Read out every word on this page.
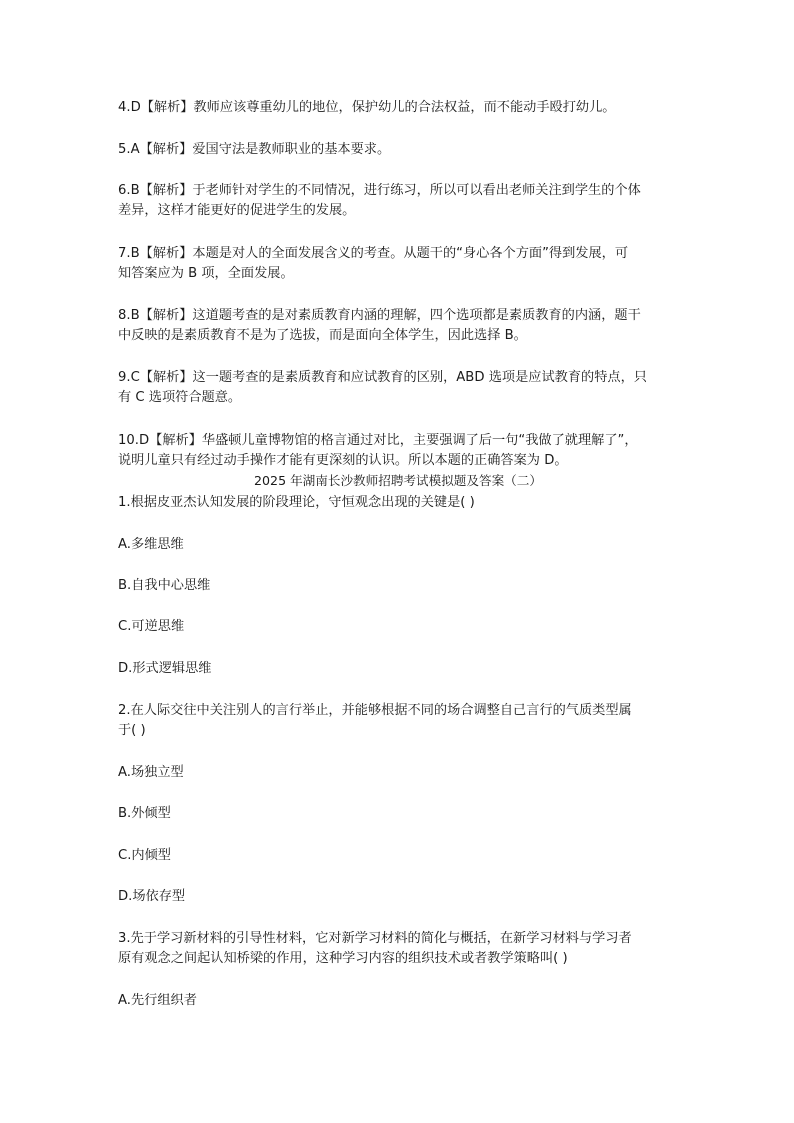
4.D【解析】教师应该尊重幼儿的地位，保护幼儿的合法权益，而不能动手殴打幼儿。
5.A【解析】爱国守法是教师职业的基本要求。
6.B【解析】于老师针对学生的不同情况，进行练习，所以可以看出老师关注到学生的个体
差异，这样才能更好的促进学生的发展。
7.B【解析】本题是对人的全面发展含义的考查。从题干的“身心各个方面”得到发展，可
知答案应为 B 项，全面发展。
8.B【解析】这道题考查的是对素质教育内涵的理解，四个选项都是素质教育的内涵，题干
中反映的是素质教育不是为了选拔，而是面向全体学生，因此选择 B。
9.C【解析】这一题考查的是素质教育和应试教育的区别，ABD 选项是应试教育的特点，只
有 C 选项符合题意。
10.D【解析】华盛顿儿童博物馆的格言通过对比，主要强调了后一句“我做了就理解了”，
说明儿童只有经过动手操作才能有更深刻的认识。所以本题的正确答案为 D。
2025 年湖南长沙教师招聘考试模拟题及答案（二）
1.根据皮亚杰认知发展的阶段理论，守恒观念出现的关键是( )
A.多维思维
B.自我中心思维
C.可逆思维
D.形式逻辑思维
2.在人际交往中关注别人的言行举止，并能够根据不同的场合调整自己言行的气质类型属
于( )
A.场独立型
B.外倾型
C.内倾型
D.场依存型
3.先于学习新材料的引导性材料，它对新学习材料的简化与概括，在新学习材料与学习者
原有观念之间起认知桥梁的作用，这种学习内容的组织技术或者教学策略叫( )
A.先行组织者
